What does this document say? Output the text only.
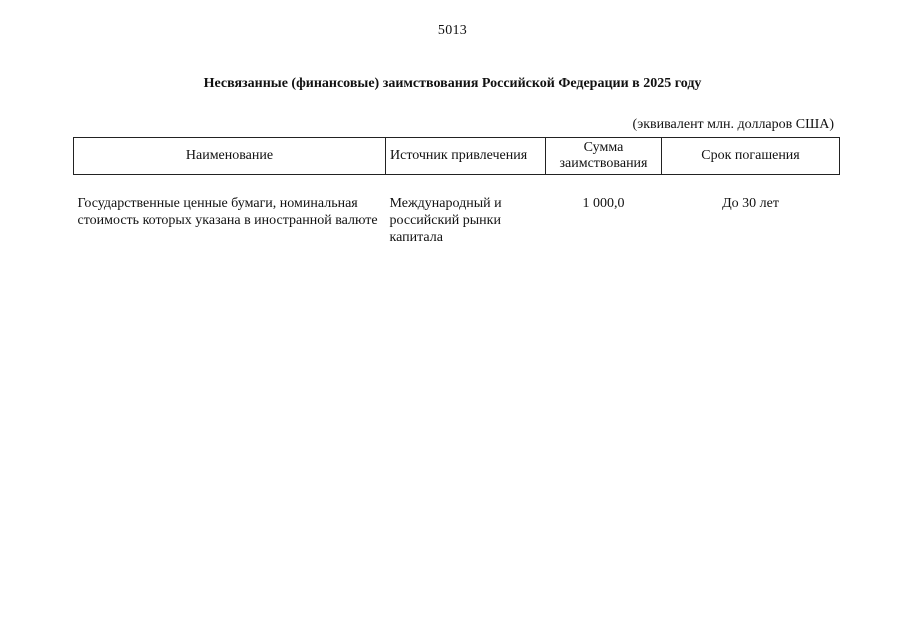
5013
Несвязанные (финансовые) заимствования Российской Федерации в 2025 году
(эквивалент млн. долларов США)
Наименование	Источник привлечения	Сумма заимствования	Срок погашения
Государственные ценные бумаги, номинальная стоимость которых указана в иностранной валюте	Международный и российский рынки капитала	1 000,0	До 30 лет
